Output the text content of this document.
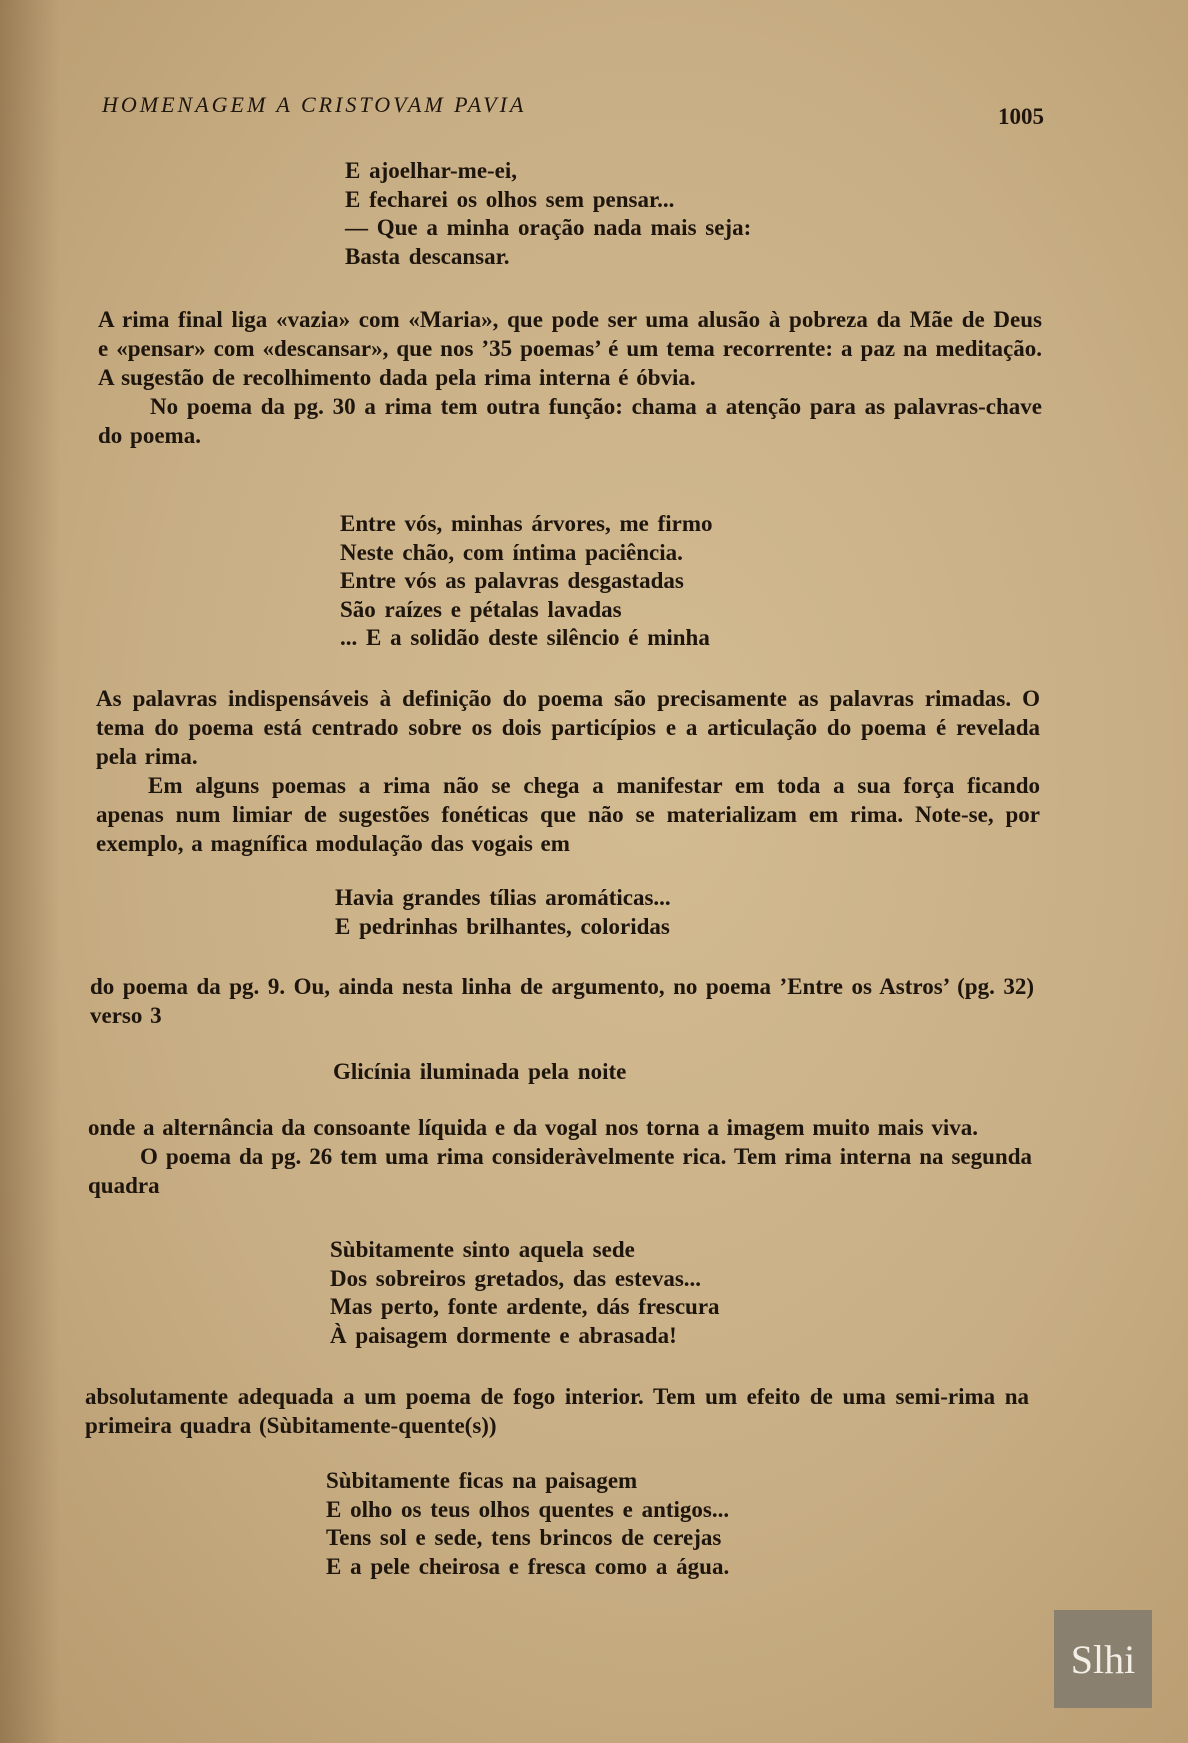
HOMENAGEM A CRISTOVAM PAVIA	1005
E ajoelhar-me-ei,
E fecharei os olhos sem pensar...
— Que a minha oração nada mais seja:
Basta descansar.

A rima final liga «vazia» com «Maria», que pode ser uma alusão à pobreza da Mãe de Deus e «pensar» com «descansar», que nos ’35 poemas’ é um tema recorrente: a paz na meditação. A sugestão de recolhimento dada pela rima interna é óbvia.

No poema da pg. 30 a rima tem outra função: chama a atenção para as palavras-chave do poema.

Entre vós, minhas árvores, me firmo
Neste chão, com íntima paciência.
Entre vós as palavras desgastadas
São raízes e pétalas lavadas
... E a solidão deste silêncio é minha

As palavras indispensáveis à definição do poema são precisamente as palavras rimadas. O tema do poema está centrado sobre os dois particípios e a articulação do poema é revelada pela rima.

Em alguns poemas a rima não se chega a manifestar em toda a sua força ficando apenas num limiar de sugestões fonéticas que não se materializam em rima. Note-se, por exemplo, a magnífica modulação das vogais em

Havia grandes tílias aromáticas...
E pedrinhas brilhantes, coloridas

do poema da pg. 9. Ou, ainda nesta linha de argumento, no poema ’Entre os Astros’ (pg. 32) verso 3

Glicínia iluminada pela noite

onde a alternância da consoante líquida e da vogal nos torna a imagem muito mais viva.

O poema da pg. 26 tem uma rima consideràvelmente rica. Tem rima interna na segunda quadra

Sùbitamente sinto aquela sede
Dos sobreiros gretados, das estevas...
Mas perto, fonte ardente, dás frescura
À paisagem dormente e abrasada!

absolutamente adequada a um poema de fogo interior. Tem um efeito de uma semi-rima na primeira quadra (Sùbitamente-quente(s))

Sùbitamente ficas na paisagem
E olho os teus olhos quentes e antigos...
Tens sol e sede, tens brincos de cerejas
E a pele cheirosa e fresca como a água.
Slhi
